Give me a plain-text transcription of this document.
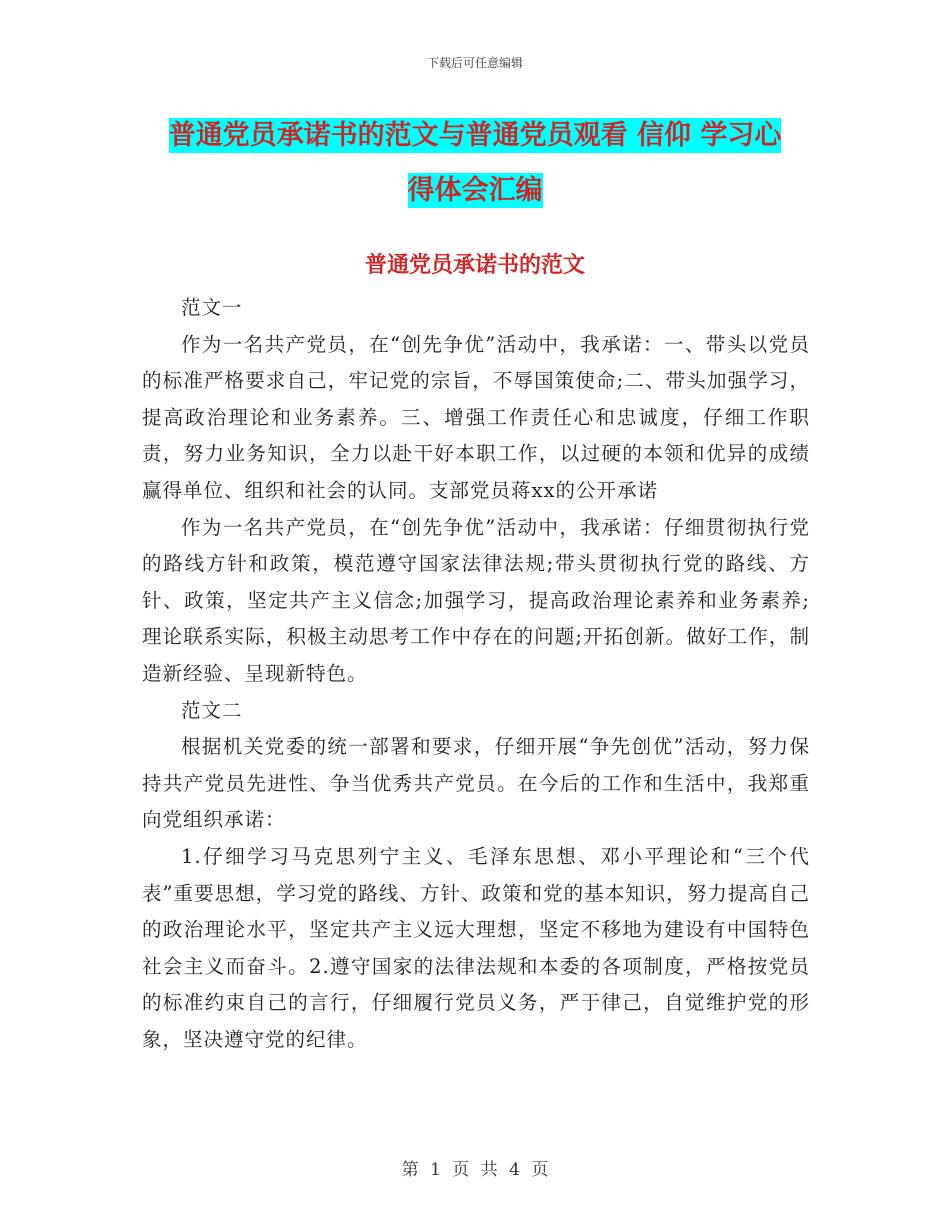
下载后可任意编辑
普通党员承诺书的范文与普通党员观看 信仰 学习心
得体会汇编
普通党员承诺书的范文

范文一

作为一名共产党员，在“创先争优”活动中，我承诺：一、带头以党员的标准严格要求自己，牢记党的宗旨，不辱国策使命;二、带头加强学习，提高政治理论和业务素养。三、增强工作责任心和忠诚度，仔细工作职责，努力业务知识，全力以赴干好本职工作，以过硬的本领和优异的成绩赢得单位、组织和社会的认同。支部党员蒋xx的公开承诺

作为一名共产党员，在“创先争优”活动中，我承诺：仔细贯彻执行党的路线方针和政策，模范遵守国家法律法规;带头贯彻执行党的路线、方针、政策，坚定共产主义信念;加强学习，提高政治理论素养和业务素养;理论联系实际，积极主动思考工作中存在的问题;开拓创新。做好工作，制造新经验、呈现新特色。

范文二

根据机关党委的统一部署和要求，仔细开展“争先创优”活动，努力保持共产党员先进性、争当优秀共产党员。在今后的工作和生活中，我郑重向党组织承诺：

1.仔细学习马克思列宁主义、毛泽东思想、邓小平理论和“三个代表”重要思想，学习党的路线、方针、政策和党的基本知识，努力提高自己的政治理论水平，坚定共产主义远大理想，坚定不移地为建设有中国特色社会主义而奋斗。2.遵守国家的法律法规和本委的各项制度，严格按党员的标准约束自己的言行，仔细履行党员义务，严于律己，自觉维护党的形象，坚决遵守党的纪律。

第 1 页 共 4 页
